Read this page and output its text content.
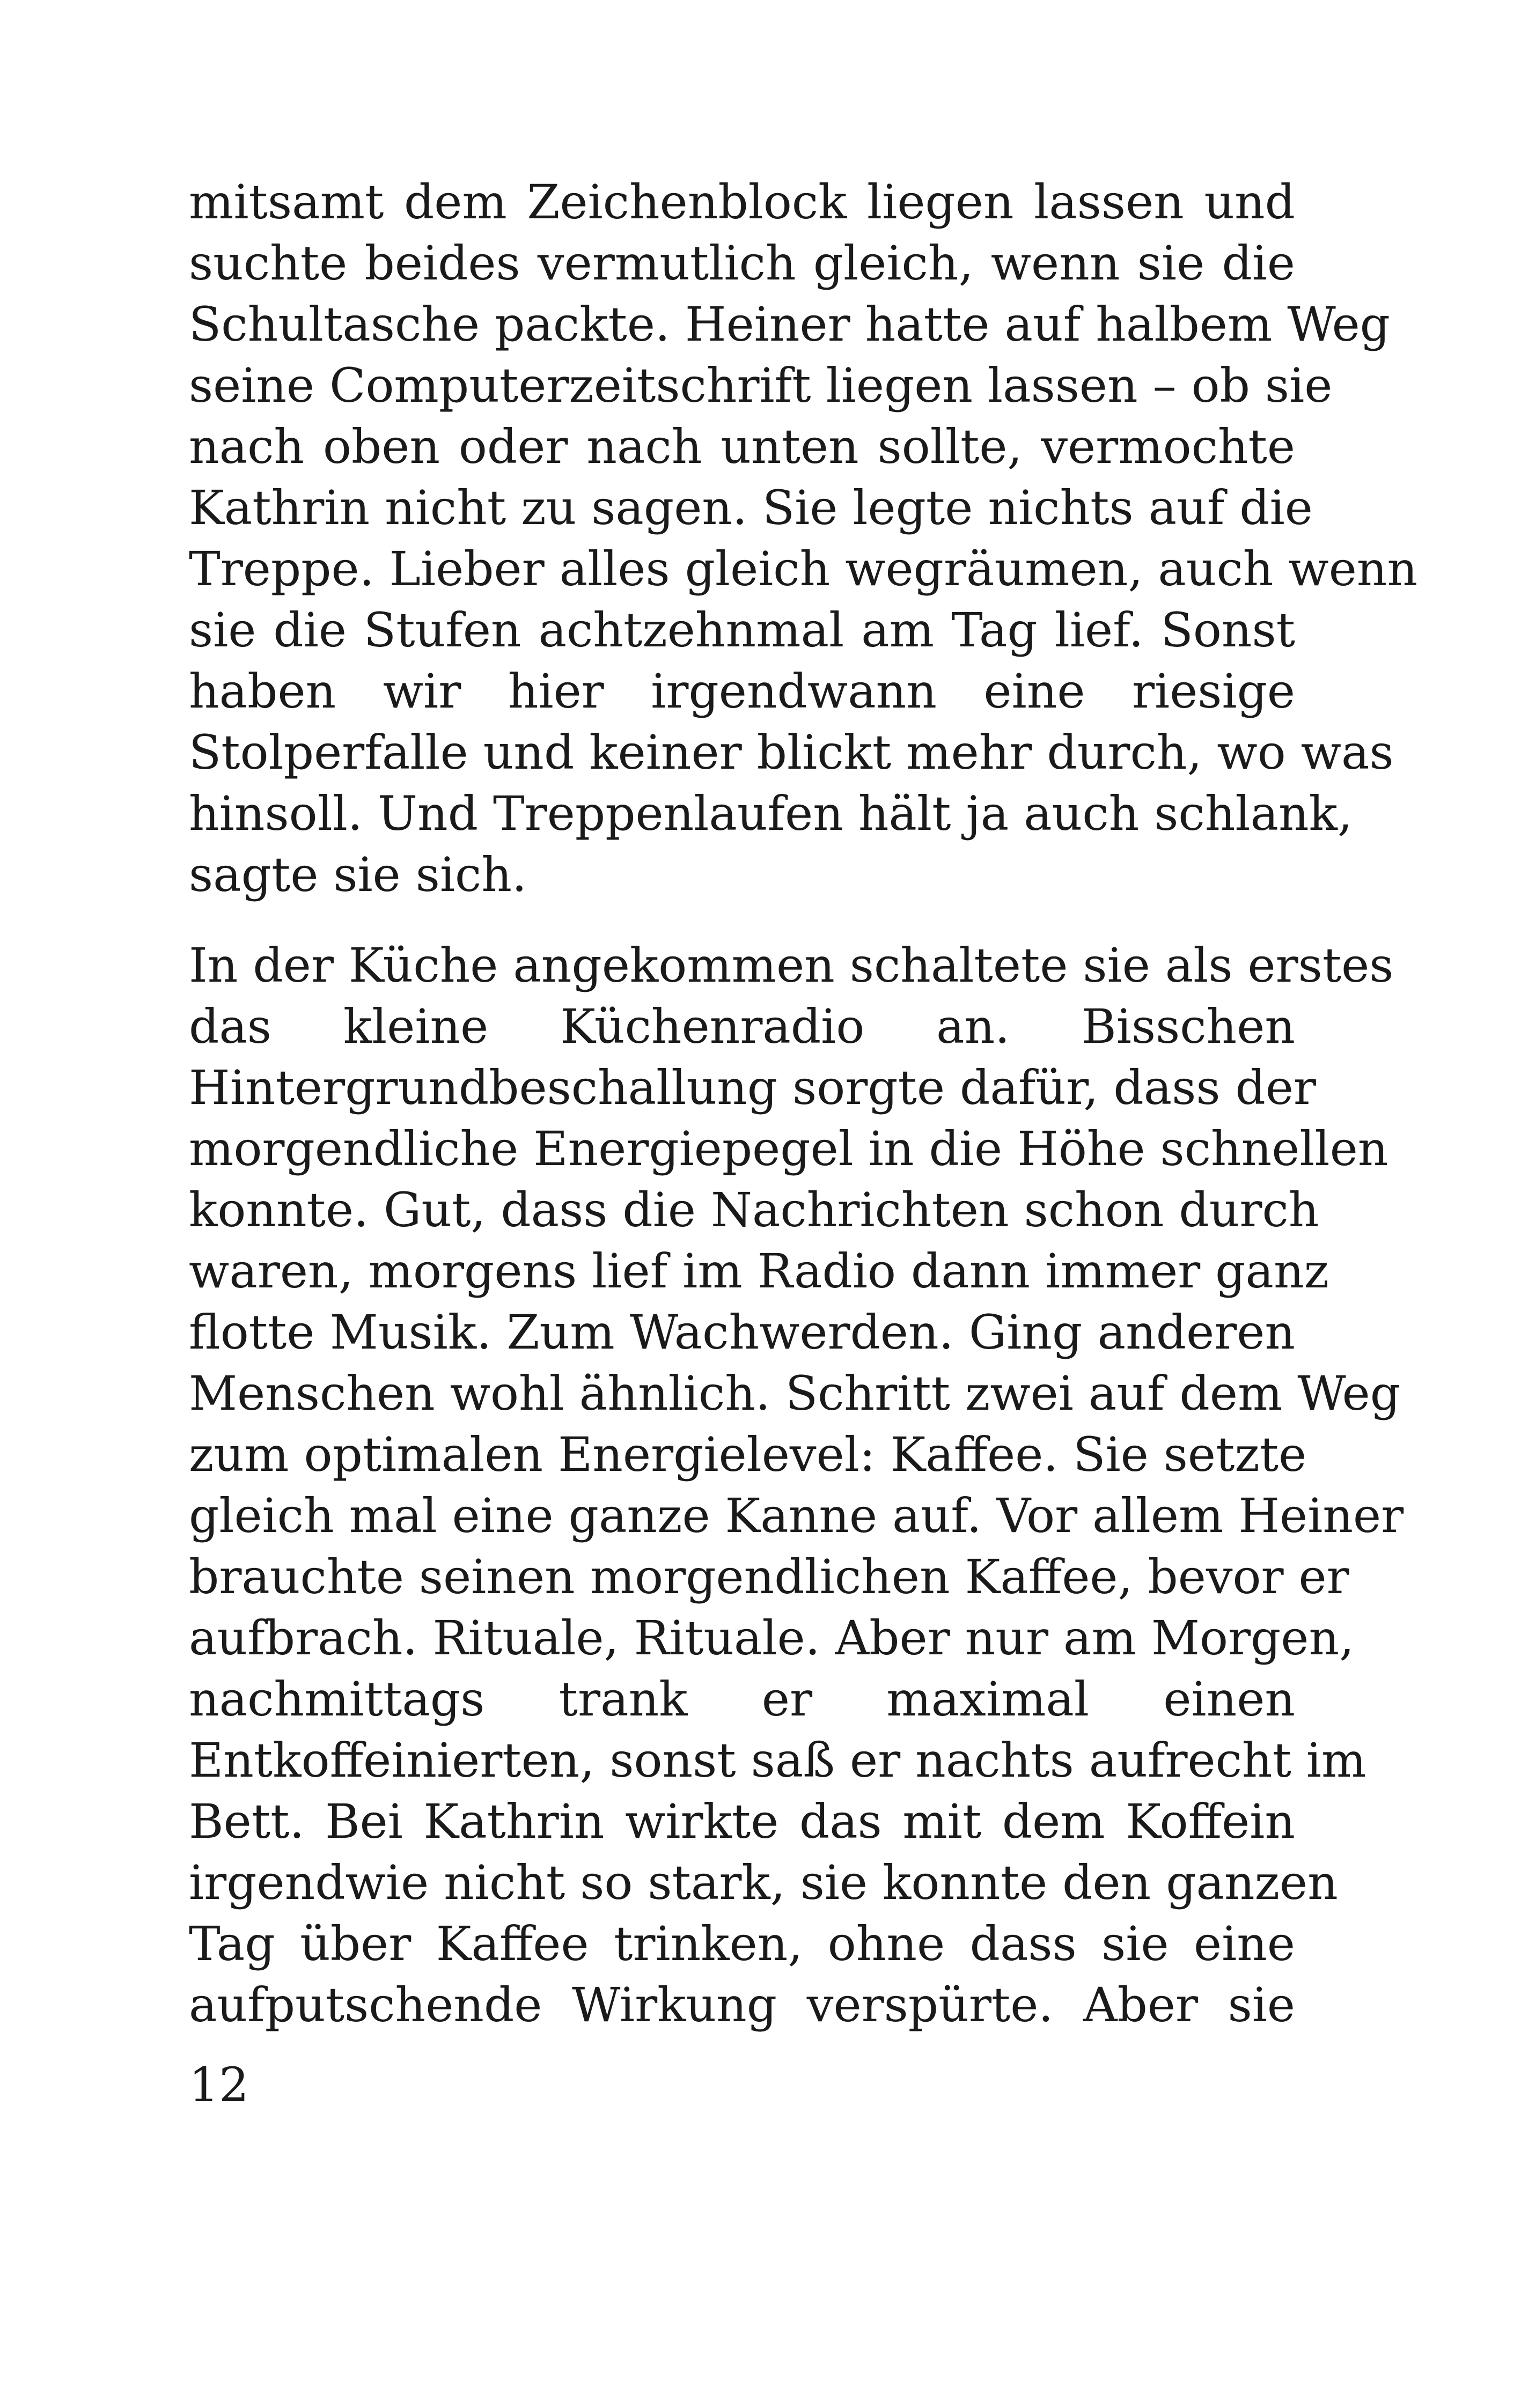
mitsamt dem Zeichenblock liegen lassen und
suchte beides vermutlich gleich, wenn sie die
Schultasche packte. Heiner hatte auf halbem Weg
seine Computerzeitschrift liegen lassen – ob sie
nach oben oder nach unten sollte, vermochte
Kathrin nicht zu sagen. Sie legte nichts auf die
Treppe. Lieber alles gleich wegräumen, auch wenn
sie die Stufen achtzehnmal am Tag lief. Sonst
haben wir hier irgendwann eine riesige
Stolperfalle und keiner blickt mehr durch, wo was
hinsoll. Und Treppenlaufen hält ja auch schlank,
sagte sie sich.

In der Küche angekommen schaltete sie als erstes
das kleine Küchenradio an. Bisschen
Hintergrundbeschallung sorgte dafür, dass der
morgendliche Energiepegel in die Höhe schnellen
konnte. Gut, dass die Nachrichten schon durch
waren, morgens lief im Radio dann immer ganz
flotte Musik. Zum Wachwerden. Ging anderen
Menschen wohl ähnlich. Schritt zwei auf dem Weg
zum optimalen Energielevel: Kaffee. Sie setzte
gleich mal eine ganze Kanne auf. Vor allem Heiner
brauchte seinen morgendlichen Kaffee, bevor er
aufbrach. Rituale, Rituale. Aber nur am Morgen,
nachmittags trank er maximal einen
Entkoffeinierten, sonst saß er nachts aufrecht im
Bett. Bei Kathrin wirkte das mit dem Koffein
irgendwie nicht so stark, sie konnte den ganzen
Tag über Kaffee trinken, ohne dass sie eine
aufputschende Wirkung verspürte. Aber sie

12
